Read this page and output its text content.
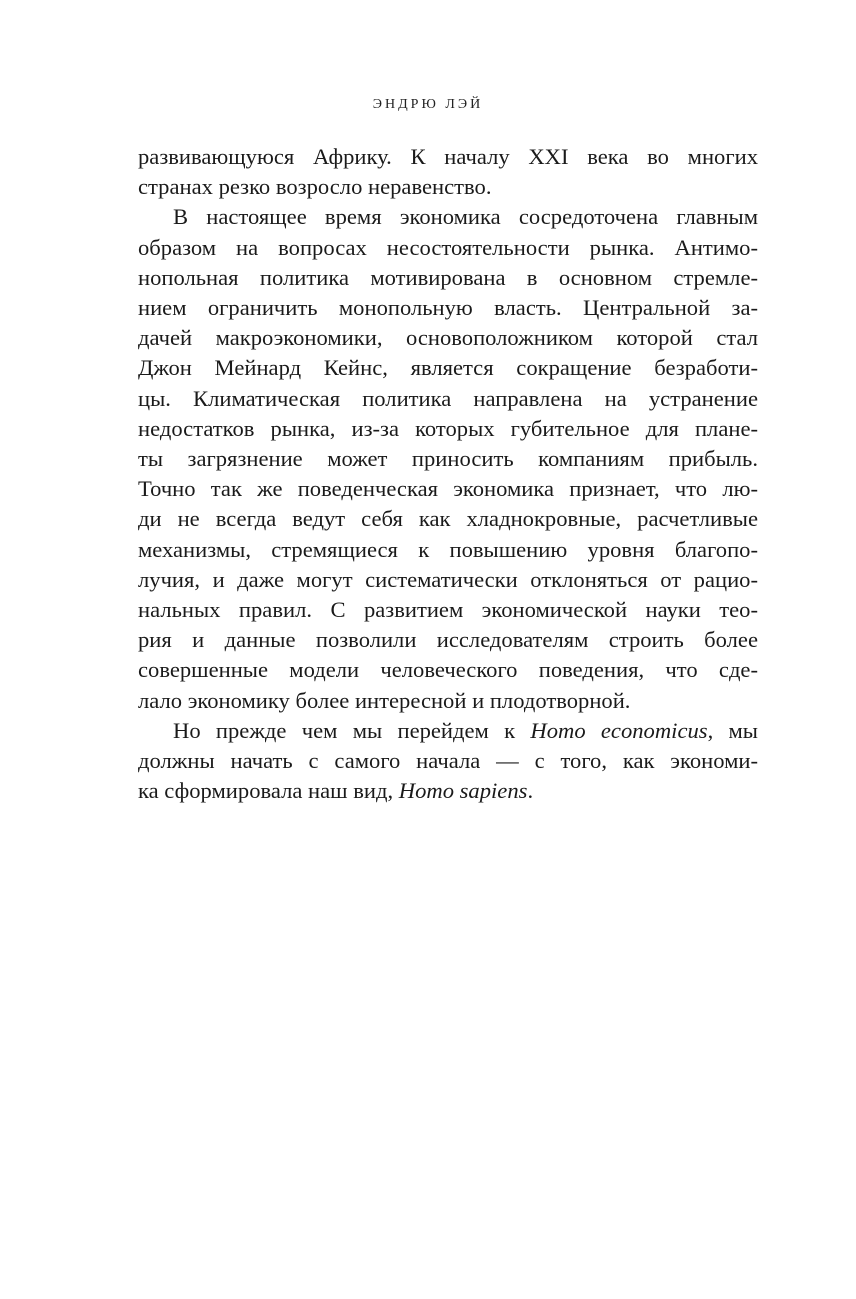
ЭНДРЮ ЛЭЙ

развивающуюся Африку. К началу XXI века во многих
странах резко возросло неравенство.

В настоящее время экономика сосредоточена главным
образом на вопросах несостоятельности рынка. Антимо-
нопольная политика мотивирована в основном стремле-
нием ограничить монопольную власть. Центральной за-
дачей макроэкономики, основоположником которой стал
Джон Мейнард Кейнс, является сокращение безработи-
цы. Климатическая политика направлена на устранение
недостатков рынка, из-за которых губительное для плане-
ты загрязнение может приносить компаниям прибыль.
Точно так же поведенческая экономика признает, что лю-
ди не всегда ведут себя как хладнокровные, расчетливые
механизмы, стремящиеся к повышению уровня благопо-
лучия, и даже могут систематически отклоняться от рацио-
нальных правил. С развитием экономической науки тео-
рия и данные позволили исследователям строить более
совершенные модели человеческого поведения, что сде-
лало экономику более интересной и плодотворной.

Но прежде чем мы перейдем к Homo economicus, мы
должны начать с самого начала — с того, как экономи-
ка сформировала наш вид, Homo sapiens.
